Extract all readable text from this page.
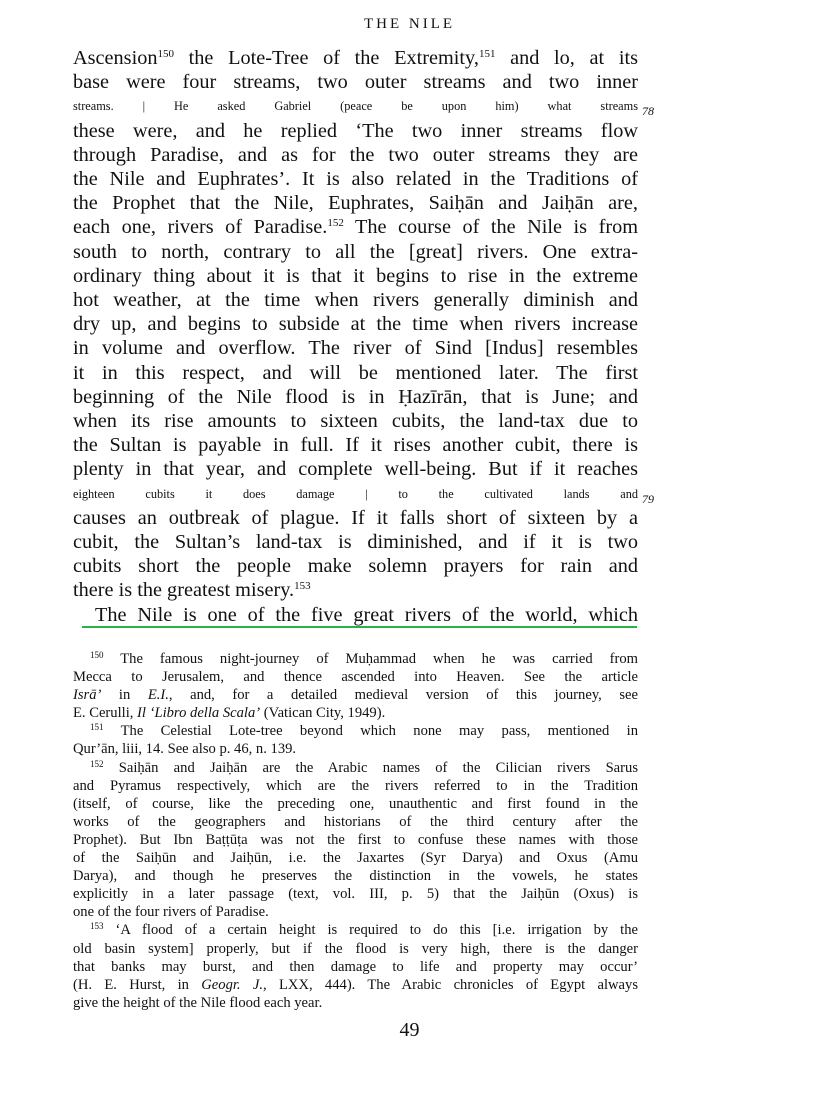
THE NILE
Ascension$^{150}$ the Lote-Tree of the Extremity,$^{151}$ and lo, at its
base were four streams, two outer streams and two inner
streams. | He asked Gabriel (peace be upon him) what streams 78
these were, and he replied ‘The two inner streams flow
through Paradise, and as for the two outer streams they are
the Nile and Euphrates’. It is also related in the Traditions of
the Prophet that the Nile, Euphrates, Saiḥān and Jaiḥān are,
each one, rivers of Paradise.$^{152}$ The course of the Nile is from
south to north, contrary to all the [great] rivers. One extra-
ordinary thing about it is that it begins to rise in the extreme
hot weather, at the time when rivers generally diminish and
dry up, and begins to subside at the time when rivers increase
in volume and overflow. The river of Sind [Indus] resembles
it in this respect, and will be mentioned later. The first
beginning of the Nile flood is in Ḥazīrān, that is June; and
when its rise amounts to sixteen cubits, the land-tax due to
the Sultan is payable in full. If it rises another cubit, there is
plenty in that year, and complete well-being. But if it reaches
eighteen cubits it does damage | to the cultivated lands and 79
causes an outbreak of plague. If it falls short of sixteen by a
cubit, the Sultan’s land-tax is diminished, and if it is two
cubits short the people make solemn prayers for rain and
there is the greatest misery.$^{153}$
The Nile is one of the five great rivers of the world, which
$^{150}$ The famous night-journey of Muḥammad when he was carried from
Mecca to Jerusalem, and thence ascended into Heaven. See the article
Isrā’ in E.I., and, for a detailed medieval version of this journey, see
E. Cerulli, Il ‘Libro della Scala’ (Vatican City, 1949).
$^{151}$ The Celestial Lote-tree beyond which none may pass, mentioned in
Qur’ān, liii, 14. See also p. 46, n. 139.
$^{152}$ Saiḥān and Jaiḥān are the Arabic names of the Cilician rivers Sarus
and Pyramus respectively, which are the rivers referred to in the Tradition
(itself, of course, like the preceding one, unauthentic and first found in the
works of the geographers and historians of the third century after the
Prophet). But Ibn Baṭṭūṭa was not the first to confuse these names with those
of the Saiḥūn and Jaiḥūn, i.e. the Jaxartes (Syr Darya) and Oxus (Amu
Darya), and though he preserves the distinction in the vowels, he states
explicitly in a later passage (text, vol. III, p. 5) that the Jaiḥūn (Oxus) is
one of the four rivers of Paradise.
$^{153}$ ‘A flood of a certain height is required to do this [i.e. irrigation by the
old basin system] properly, but if the flood is very high, there is the danger
that banks may burst, and then damage to life and property may occur’
(H. E. Hurst, in Geogr. J., LXX, 444). The Arabic chronicles of Egypt always
give the height of the Nile flood each year.
49
